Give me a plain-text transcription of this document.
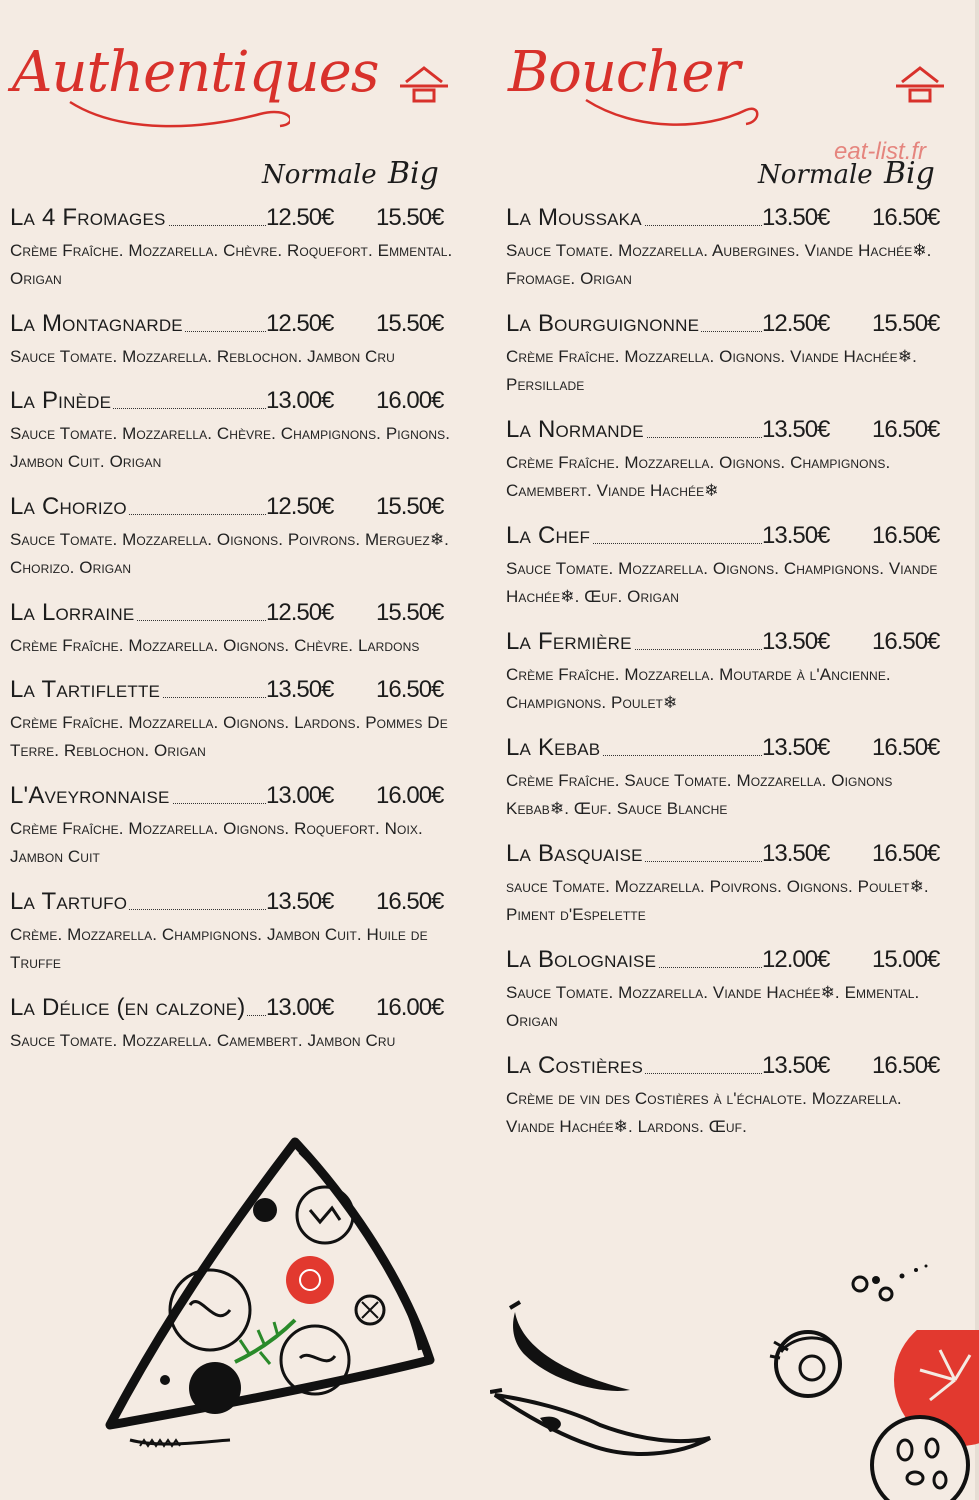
Authentiques
Normale Big
La 4 Fromages	12.50€ 15.50€
Crème Fraîche. Mozzarella. Chèvre. Roquefort. Emmental. Origan
La Montagnarde	12.50€ 15.50€
Sauce Tomate. Mozzarella. Reblochon. Jambon Cru
La Pinède	13.00€ 16.00€
Sauce Tomate. Mozzarella. Chèvre. Champignons. Pignons. Jambon Cuit. Origan
La Chorizo	12.50€ 15.50€
Sauce Tomate. Mozzarella. Oignons. Poivrons. Merguez❄. Chorizo. Origan
La Lorraine	12.50€ 15.50€
Crème Fraîche. Mozzarella. Oignons. Chèvre. Lardons
La Tartiflette	13.50€ 16.50€
Crème Fraîche. Mozzarella. Oignons. Lardons. Pommes De Terre. Reblochon. Origan
L'Aveyronnaise	13.00€ 16.00€
Crème Fraîche. Mozzarella. Oignons. Roquefort. Noix. Jambon Cuit
La Tartufo	13.50€ 16.50€
Crème. Mozzarella. Champignons. Jambon Cuit. Huile de Truffe
La Délice (en calzone) 13.00€ 16.00€
Sauce Tomate. Mozzarella. Camembert. Jambon Cru
Boucher
Normale Big
La Moussaka	13.50€ 16.50€
Sauce Tomate. Mozzarella. Aubergines. Viande Hachée❄. Fromage. Origan
La Bourguignonne	12.50€ 15.50€
Crème Fraîche. Mozzarella. Oignons. Viande Hachée❄. Persillade
La Normande	13.50€ 16.50€
Crème Fraîche. Mozzarella. Oignons. Champignons. Camembert. Viande Hachée❄
La Chef	13.50€ 16.50€
Sauce Tomate. Mozzarella. Oignons. Champignons. Viande Hachée❄. Œuf. Origan
La Fermière	13.50€ 16.50€
Crème Fraîche. Mozzarella. Moutarde à l'Ancienne. Champignons. Poulet❄
La Kebab	13.50€ 16.50€
Crème Fraîche. Sauce Tomate. Mozzarella. Oignons Kebab❄. Œuf. Sauce Blanche
La Basquaise	13.50€ 16.50€
sauce Tomate. Mozzarella. Poivrons. Oignons. Poulet❄. Piment d'Espelette
La Bolognaise	12.00€ 15.00€
Sauce Tomate. Mozzarella. Viande Hachée❄. Emmental. Origan
La Costières	13.50€ 16.50€
Crème de vin des Costières à l'échalote. Mozzarella. Viande Hachée❄. Lardons. Œuf.
eat-list.fr
